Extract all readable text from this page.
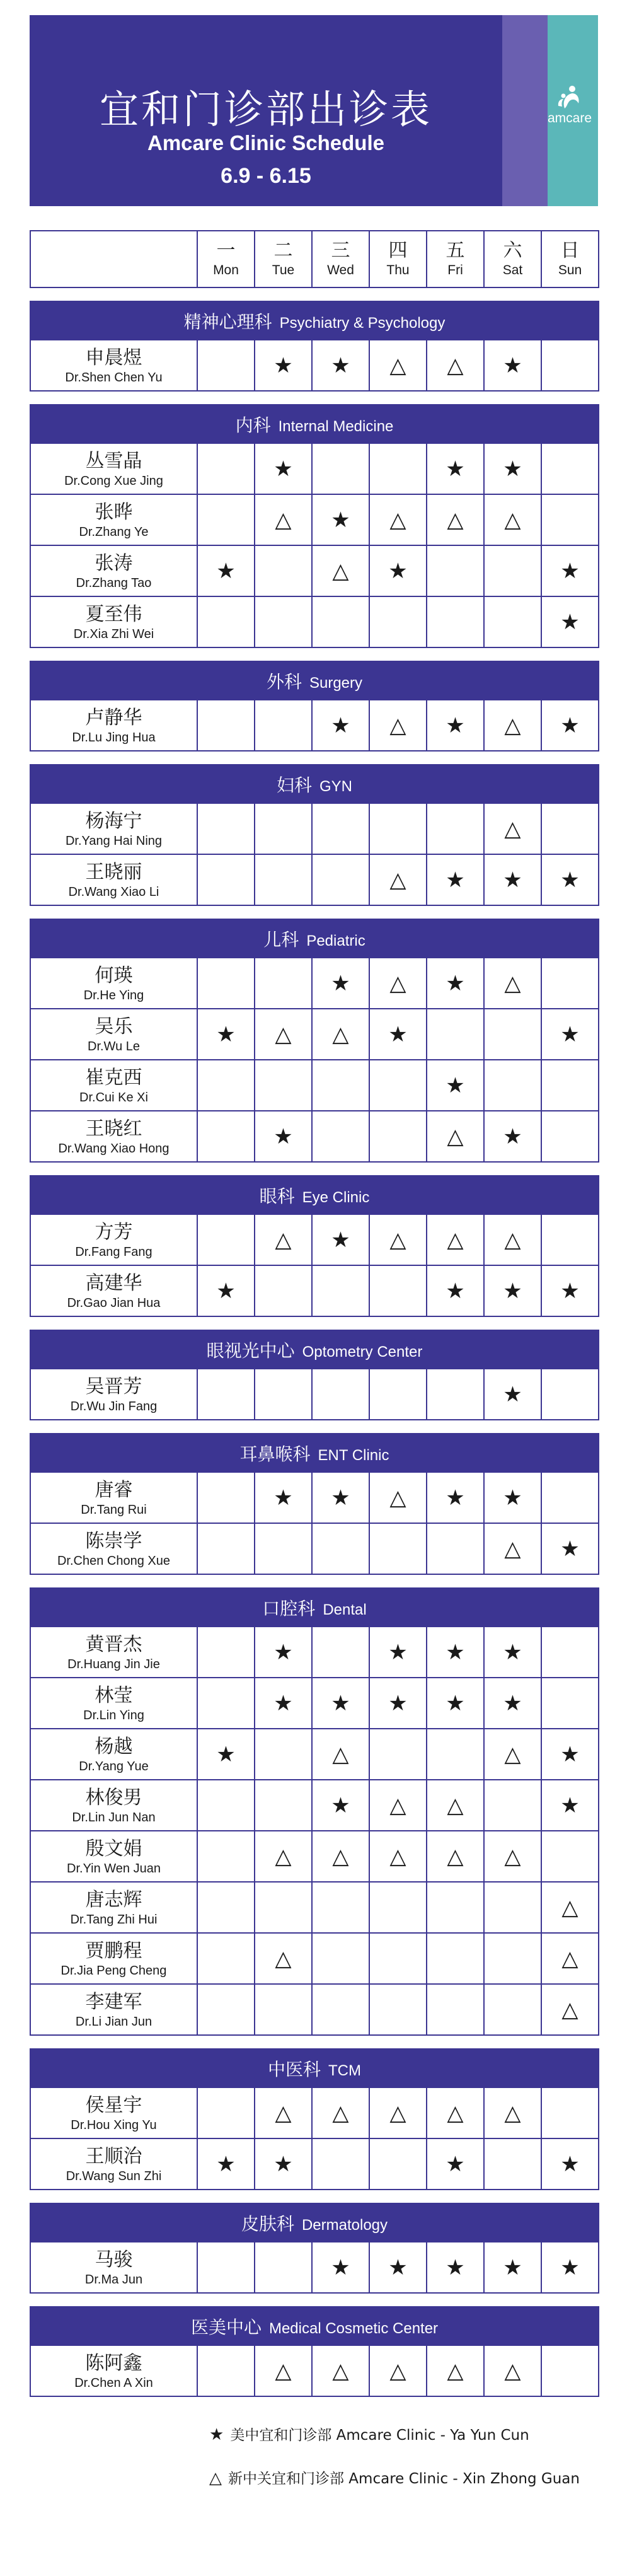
宜和门诊部出诊表
Amcare Clinic Schedule
6.9 - 6.15
amcare

	一
Mon	二
Tue	三
Wed	四
Thu	五
Fri	六
Sat	日
Sun

精神心理科 Psychiatry & Psychology							

申晨煜
Dr.Shen Chen Yu		★	★	△	△	★	

内科 Internal Medicine							

丛雪晶
Dr.Cong Xue Jing		★			★	★	

张晔
Dr.Zhang Ye		△	★	△	△	△	

张涛
Dr.Zhang Tao	★		△	★			★

夏至伟
Dr.Xia Zhi Wei							★

外科 Surgery							

卢静华
Dr.Lu Jing Hua			★	△	★	△	★

妇科 GYN							

杨海宁
Dr.Yang Hai Ning						△	

王晓丽
Dr.Wang Xiao Li				△	★	★	★

儿科 Pediatric							

何瑛
Dr.He Ying			★	△	★	△	

吴乐
Dr.Wu Le	★	△	△	★			★

崔克西
Dr.Cui Ke Xi					★		

王晓红
Dr.Wang Xiao Hong		★			△	★	

眼科 Eye Clinic							

方芳
Dr.Fang Fang		△	★	△	△	△	

高建华
Dr.Gao Jian Hua	★				★	★	★

眼视光中心 Optometry Center							

吴晋芳
Dr.Wu Jin Fang						★	

耳鼻喉科 ENT Clinic							

唐睿
Dr.Tang Rui		★	★	△	★	★	

陈崇学
Dr.Chen Chong Xue						△	★

口腔科 Dental							

黄晋杰
Dr.Huang Jin Jie		★		★	★	★	

林莹
Dr.Lin Ying		★	★	★	★	★	

杨越
Dr.Yang Yue	★		△			△	★

林俊男
Dr.Lin Jun Nan			★	△	△		★

殷文娟
Dr.Yin Wen Juan		△	△	△	△	△	

唐志辉
Dr.Tang Zhi Hui							△

贾鹏程
Dr.Jia Peng Cheng		△					△

李建军
Dr.Li Jian Jun							△

中医科 TCM							

侯星宇
Dr.Hou Xing Yu		△	△	△	△	△	

王顺治
Dr.Wang Sun Zhi	★	★			★		★

皮肤科 Dermatology							

马骏
Dr.Ma Jun			★	★	★	★	★

医美中心 Medical Cosmetic Center							

陈阿鑫
Dr.Chen A Xin		△	△	△	△	△	
★ 美中宜和门诊部 Amcare Clinic - Ya Yun Cun
△ 新中关宜和门诊部 Amcare Clinic - Xin Zhong Guan
